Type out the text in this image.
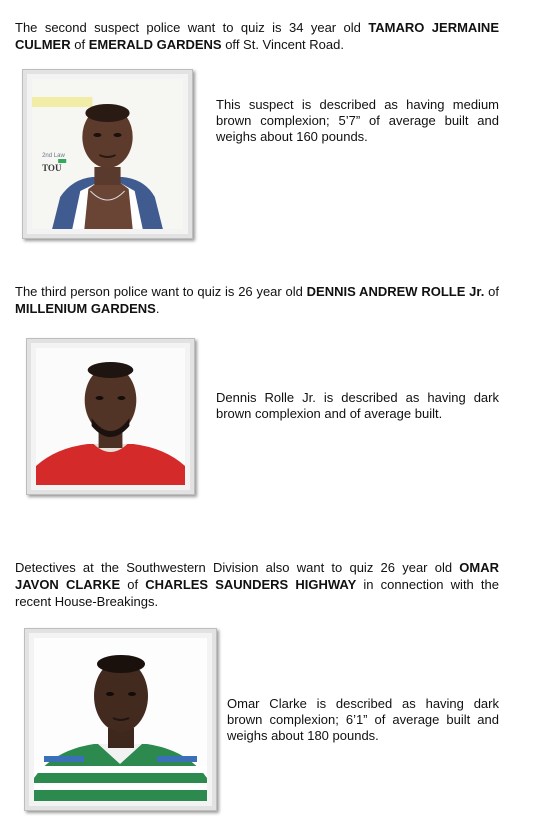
The second suspect police want to quiz is 34 year old TAMARO JERMAINE CULMER of EMERALD GARDENS off St. Vincent Road.

2nd Law
TOU

This suspect is described as having medium brown complexion; 5’7” of average built and weighs about 160 pounds.

The third person police want to quiz is 26 year old DENNIS ANDREW ROLLE Jr. of MILLENIUM GARDENS.

Dennis Rolle Jr. is described as having dark brown complexion and of average built.

Detectives at the Southwestern Division also want to quiz 26 year old OMAR JAVON CLARKE of CHARLES SAUNDERS HIGHWAY in connection with the recent House-Breakings.

Omar Clarke is described as having dark brown complexion; 6’1” of average built and weighs about 180 pounds.
